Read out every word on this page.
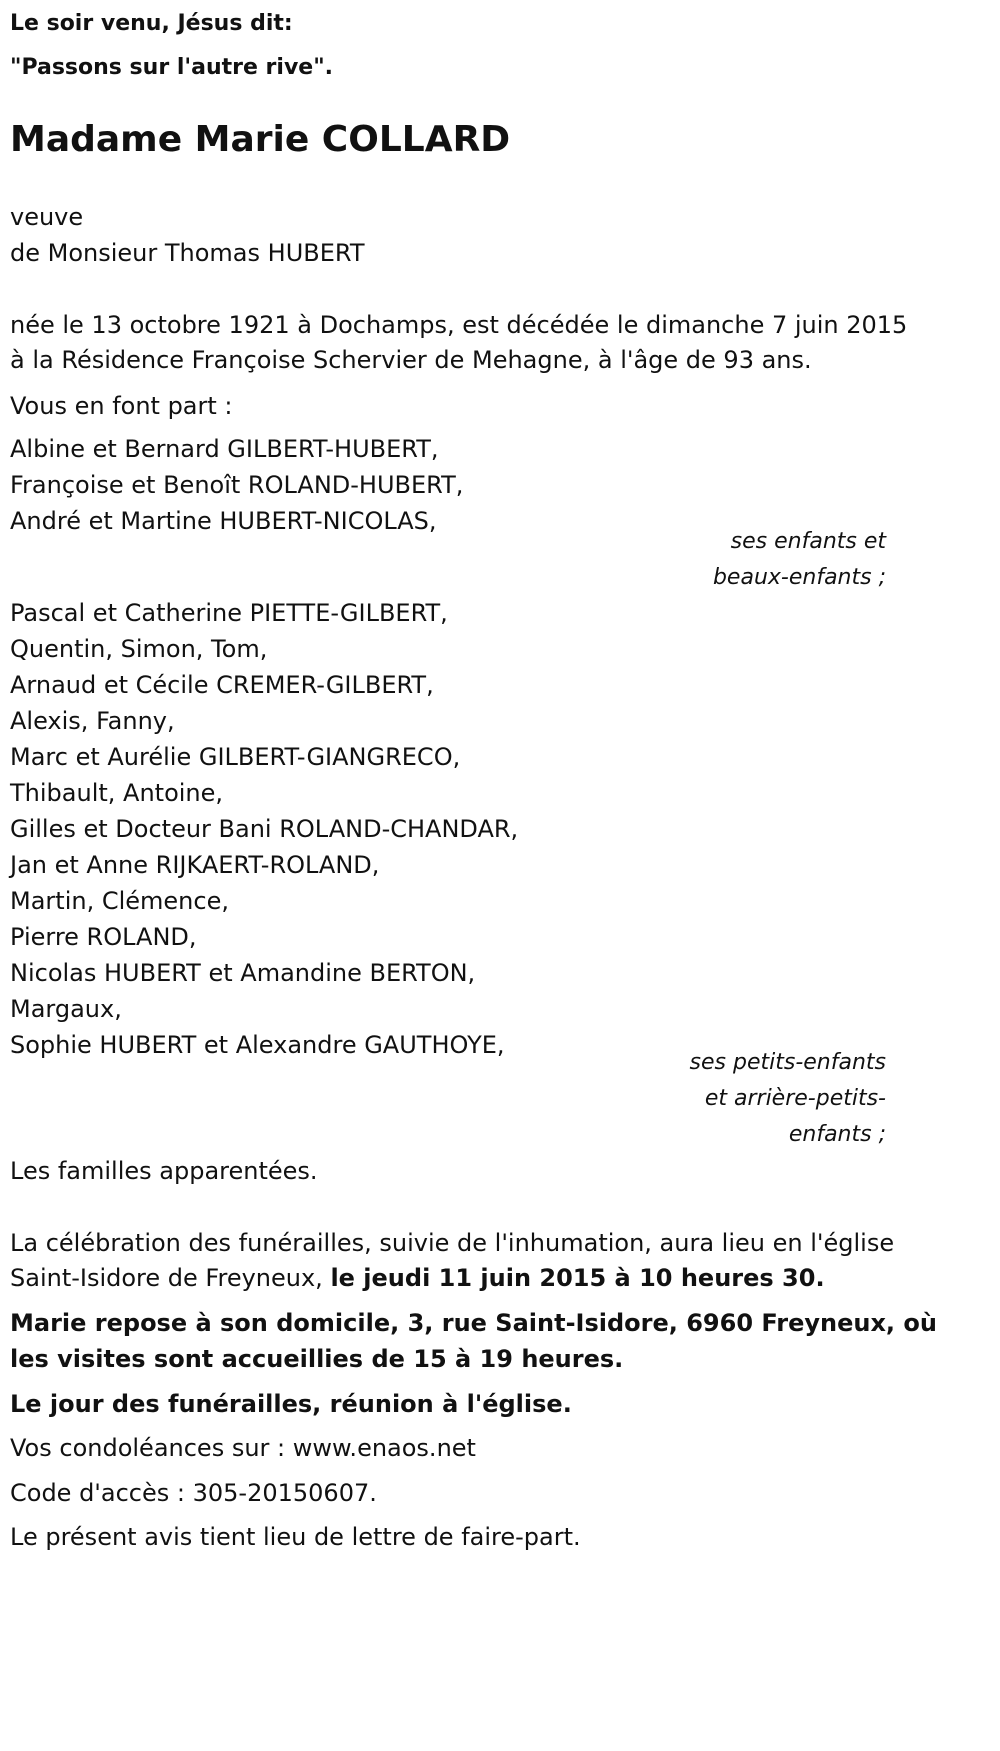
Le soir venu, Jésus dit:
"Passons sur l'autre rive".
Madame Marie COLLARD
veuve
de Monsieur Thomas HUBERT
née le 13 octobre 1921 à Dochamps, est décédée le dimanche 7 juin 2015
à la Résidence Françoise Schervier de Mehagne, à l'âge de 93 ans.
Vous en font part :
Albine et Bernard GILBERT-HUBERT,
Françoise et Benoît ROLAND-HUBERT,
André et Martine HUBERT-NICOLAS,
ses enfants et
beaux-enfants ;
Pascal et Catherine PIETTE-GILBERT,
Quentin, Simon, Tom,
Arnaud et Cécile CREMER-GILBERT,
Alexis, Fanny,
Marc et Aurélie GILBERT-GIANGRECO,
Thibault, Antoine,
Gilles et Docteur Bani ROLAND-CHANDAR,
Jan et Anne RIJKAERT-ROLAND,
Martin, Clémence,
Pierre ROLAND,
Nicolas HUBERT et Amandine BERTON,
Margaux,
Sophie HUBERT et Alexandre GAUTHOYE,
ses petits-enfants
et arrière-petits-
enfants ;
Les familles apparentées.
La célébration des funérailles, suivie de l'inhumation, aura lieu en l'église
Saint-Isidore de Freyneux, le jeudi 11 juin 2015 à 10 heures 30.
Marie repose à son domicile, 3, rue Saint-Isidore, 6960 Freyneux, où
les visites sont accueillies de 15 à 19 heures.
Le jour des funérailles, réunion à l'église.
Vos condoléances sur : www.enaos.net
Code d'accès : 305-20150607.
Le présent avis tient lieu de lettre de faire-part.
